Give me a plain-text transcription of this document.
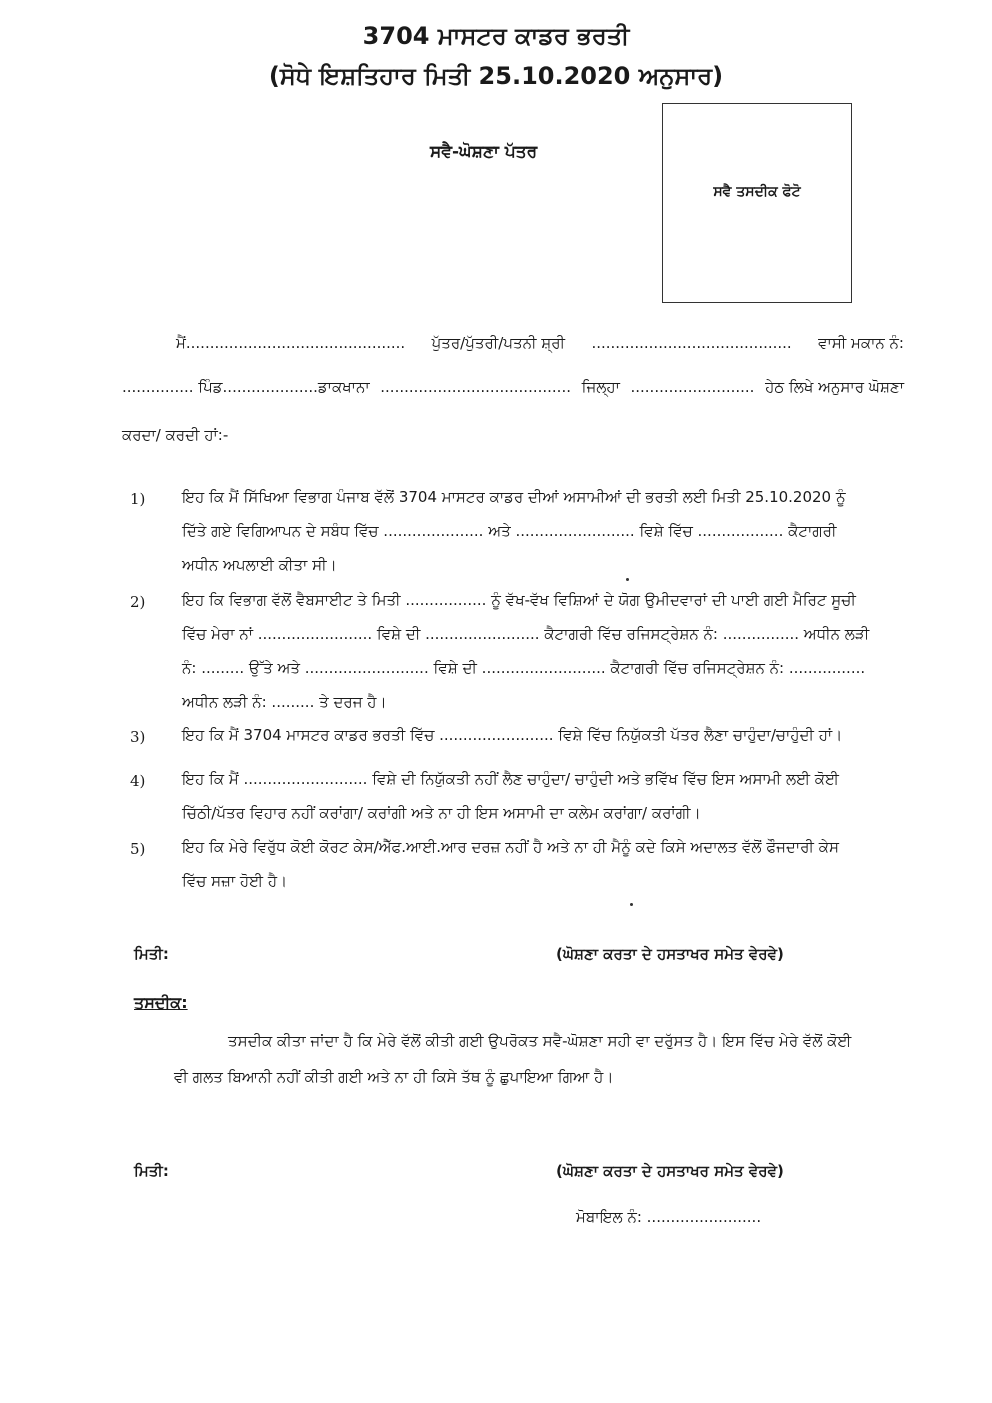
3704 ਮਾਸਟਰ ਕਾਡਰ ਭਰਤੀ
(ਸੋਧੇ ਇਸ਼ਤਿਹਾਰ ਮਿਤੀ 25.10.2020 ਅਨੁਸਾਰ)
ਸਵੈ-ਘੋਸ਼ਣਾ ਪੱਤਰ
ਸਵੈ ਤਸਦੀਕ ਫੋਟੋ
ਮੈਂ.............................................. ਪੁੱਤਰ/ਪੁੱਤਰੀ/ਪਤਨੀ ਸ਼੍ਰੀ .......................................... ਵਾਸੀ ਮਕਾਨ ਨੰ:
............... ਪਿੰਡ....................ਡਾਕਖਾਨਾ ........................................ ਜਿਲ੍ਹਾ .......................... ਹੇਠ ਲਿਖੇ ਅਨੁਸਾਰ ਘੋਸ਼ਣਾ
ਕਰਦਾ/ ਕਰਦੀ ਹਾਂ:-
1) ਇਹ ਕਿ ਮੈਂ ਸਿੱਖਿਆ ਵਿਭਾਗ ਪੰਜਾਬ ਵੱਲੋਂ 3704 ਮਾਸਟਰ ਕਾਡਰ ਦੀਆਂ ਅਸਾਮੀਆਂ ਦੀ ਭਰਤੀ ਲਈ ਮਿਤੀ 25.10.2020 ਨੂੰ
ਦਿੱਤੇ ਗਏ ਵਿਗਿਆਪਨ ਦੇ ਸਬੰਧ ਵਿੱਚ ..................... ਅਤੇ ......................... ਵਿਸ਼ੇ ਵਿੱਚ .................. ਕੈਟਾਗਰੀ
ਅਧੀਨ ਅਪਲਾਈ ਕੀਤਾ ਸੀ।
2) ਇਹ ਕਿ ਵਿਭਾਗ ਵੱਲੋਂ ਵੈਬਸਾਈਟ ਤੇ ਮਿਤੀ ................. ਨੂੰ ਵੱਖ-ਵੱਖ ਵਿਸ਼ਿਆਂ ਦੇ ਯੋਗ ਉਮੀਦਵਾਰਾਂ ਦੀ ਪਾਈ ਗਈ ਮੈਰਿਟ ਸੂਚੀ
ਵਿੱਚ ਮੇਰਾ ਨਾਂ ........................ ਵਿਸ਼ੇ ਦੀ ........................ ਕੈਟਾਗਰੀ ਵਿੱਚ ਰਜਿਸਟ੍ਰੇਸ਼ਨ ਨੰ: ................ ਅਧੀਨ ਲੜੀ
ਨੰ: ......... ਉੱਤੇ ਅਤੇ .......................... ਵਿਸ਼ੇ ਦੀ .......................... ਕੈਟਾਗਰੀ ਵਿੱਚ ਰਜਿਸਟ੍ਰੇਸ਼ਨ ਨੰ: ................
ਅਧੀਨ ਲੜੀ ਨੰ: ......... ਤੇ ਦਰਜ ਹੈ।
3) ਇਹ ਕਿ ਮੈਂ 3704 ਮਾਸਟਰ ਕਾਡਰ ਭਰਤੀ ਵਿੱਚ ........................ ਵਿਸ਼ੇ ਵਿੱਚ ਨਿਯੁੱਕਤੀ ਪੱਤਰ ਲੈਣਾ ਚਾਹੁੰਦਾ/ਚਾਹੁੰਦੀ ਹਾਂ।
4) ਇਹ ਕਿ ਮੈਂ .......................... ਵਿਸ਼ੇ ਦੀ ਨਿਯੁੱਕਤੀ ਨਹੀਂ ਲੈਣ ਚਾਹੁੰਦਾ/ ਚਾਹੁੰਦੀ ਅਤੇ ਭਵਿੱਖ ਵਿੱਚ ਇਸ ਅਸਾਮੀ ਲਈ ਕੋਈ
ਚਿੱਠੀ/ਪੱਤਰ ਵਿਹਾਰ ਨਹੀਂ ਕਰਾਂਗਾ/ ਕਰਾਂਗੀ ਅਤੇ ਨਾ ਹੀ ਇਸ ਅਸਾਮੀ ਦਾ ਕਲੇਮ ਕਰਾਂਗਾ/ ਕਰਾਂਗੀ।
5) ਇਹ ਕਿ ਮੇਰੇ ਵਿਰੁੱਧ ਕੋਈ ਕੋਰਟ ਕੇਸ/ਐੱਫ.ਆਈ.ਆਰ ਦਰਜ਼ ਨਹੀਂ ਹੈ ਅਤੇ ਨਾ ਹੀ ਮੈਨੂੰ ਕਦੇ ਕਿਸੇ ਅਦਾਲਤ ਵੱਲੋਂ ਫੌਜਦਾਰੀ ਕੇਸ
ਵਿੱਚ ਸਜ਼ਾ ਹੋਈ ਹੈ।
ਮਿਤੀ:	(ਘੋਸ਼ਣਾ ਕਰਤਾ ਦੇ ਹਸਤਾਖਰ ਸਮੇਤ ਵੇਰਵੇ)
ਤਸਦੀਕ:
ਤਸਦੀਕ ਕੀਤਾ ਜਾਂਦਾ ਹੈ ਕਿ ਮੇਰੇ ਵੱਲੋਂ ਕੀਤੀ ਗਈ ਉਪਰੋਕਤ ਸਵੈ-ਘੋਸ਼ਣਾ ਸਹੀ ਵਾ ਦਰੁੱਸਤ ਹੈ। ਇਸ ਵਿੱਚ ਮੇਰੇ ਵੱਲੋਂ ਕੋਈ
ਵੀ ਗਲਤ ਬਿਆਨੀ ਨਹੀਂ ਕੀਤੀ ਗਈ ਅਤੇ ਨਾ ਹੀ ਕਿਸੇ ਤੱਥ ਨੂੰ ਛੁਪਾਇਆ ਗਿਆ ਹੈ।
ਮਿਤੀ:	(ਘੋਸ਼ਣਾ ਕਰਤਾ ਦੇ ਹਸਤਾਖਰ ਸਮੇਤ ਵੇਰਵੇ)
ਮੋਬਾਇਲ ਨੰ: ........................
